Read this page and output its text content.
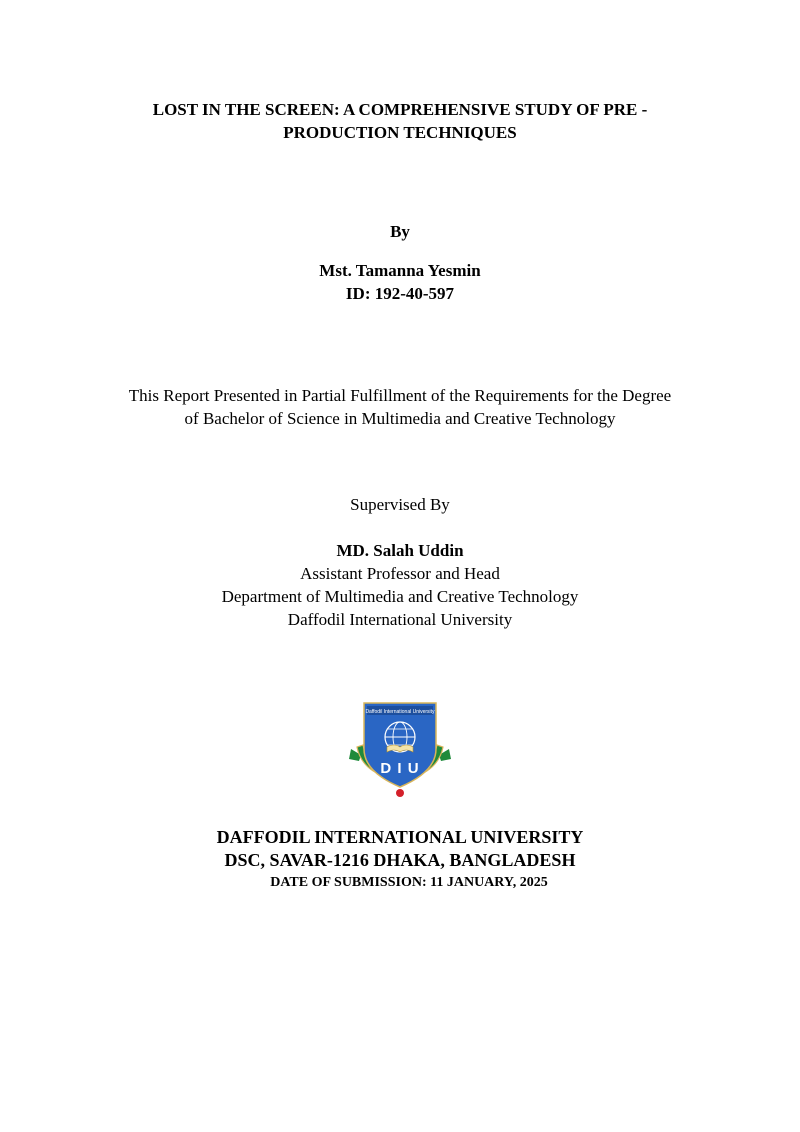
LOST IN THE SCREEN: A COMPREHENSIVE STUDY OF PRE -
PRODUCTION TECHNIQUES
By
Mst. Tamanna Yesmin
ID: 192-40-597
This Report Presented in Partial Fulfillment of the Requirements for the Degree
of Bachelor of Science in Multimedia and Creative Technology
Supervised By
MD. Salah Uddin
Assistant Professor and Head
Department of Multimedia and Creative Technology
Daffodil International University
Daffodil International University
D I U
DAFFODIL INTERNATIONAL UNIVERSITY
DSC, SAVAR-1216 DHAKA, BANGLADESH
DATE OF SUBMISSION: 11 JANUARY, 2025
